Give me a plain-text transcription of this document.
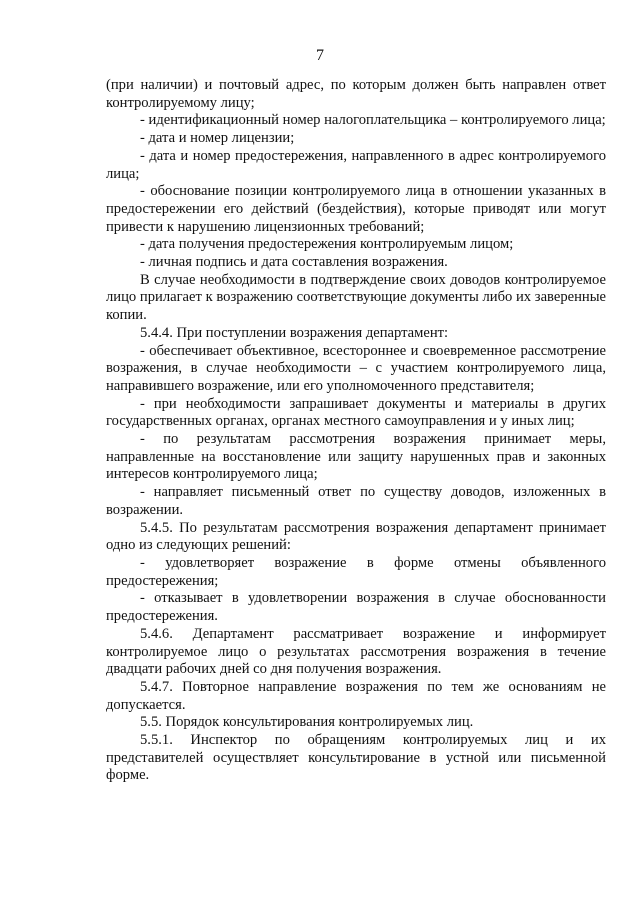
7

(при наличии) и почтовый адрес, по которым должен быть направлен ответ контролируемому лицу;

- идентификационный номер налогоплательщика – контролируемого лица;

- дата и номер лицензии;

- дата и номер предостережения, направленного в адрес контролируемого лица;

- обоснование позиции контролируемого лица в отношении указанных в предостережении его действий (бездействия), которые приводят или могут привести к нарушению лицензионных требований;

- дата получения предостережения контролируемым лицом;

- личная подпись и дата составления возражения.

В случае необходимости в подтверждение своих доводов контролируемое лицо прилагает к возражению соответствующие документы либо их заверенные копии.

5.4.4. При поступлении возражения департамент:

- обеспечивает объективное, всестороннее и своевременное рассмотрение возражения, в случае необходимости – с участием контролируемого лица, направившего возражение, или его уполномоченного представителя;

- при необходимости запрашивает документы и материалы в других государственных органах, органах местного самоуправления и у иных лиц;

- по результатам рассмотрения возражения принимает меры, направленные на восстановление или защиту нарушенных прав и законных интересов контролируемого лица;

- направляет письменный ответ по существу доводов, изложенных в возражении.

5.4.5. По результатам рассмотрения возражения департамент принимает одно из следующих решений:

- удовлетворяет возражение в форме отмены объявленного предостережения;

- отказывает в удовлетворении возражения в случае обоснованности предостережения.

5.4.6. Департамент рассматривает возражение и информирует контролируемое лицо о результатах рассмотрения возражения в течение двадцати рабочих дней со дня получения возражения.

5.4.7. Повторное направление возражения по тем же основаниям не допускается.

5.5. Порядок консультирования контролируемых лиц.

5.5.1. Инспектор по обращениям контролируемых лиц и их представителей осуществляет консультирование в устной или письменной форме.
